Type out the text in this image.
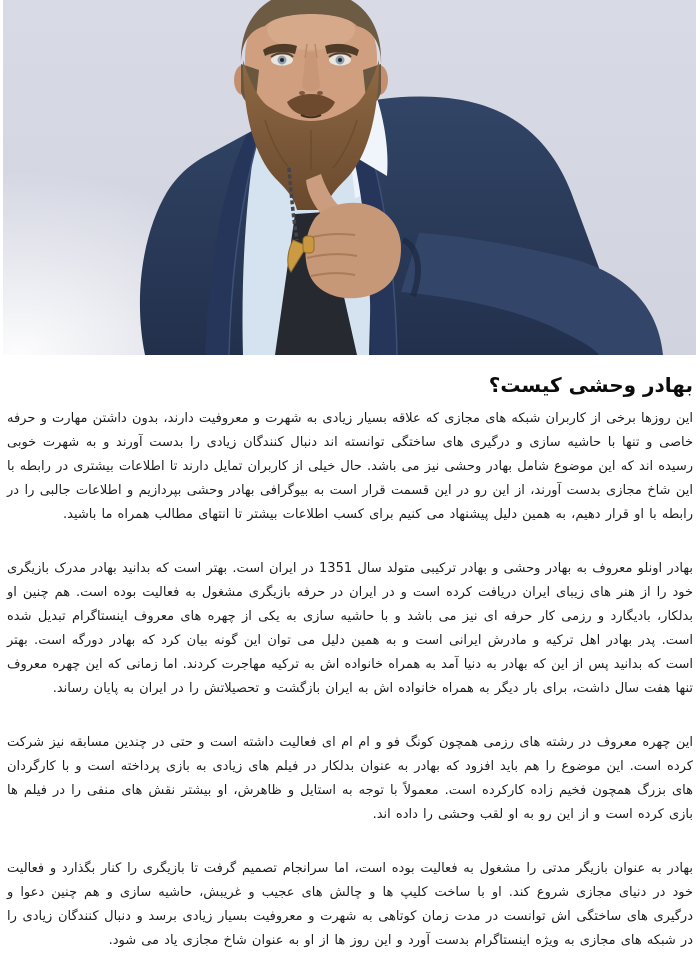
بهادر وحشی کیست؟

این روزها برخی از کاربران شبکه های مجازی که علاقه بسیار زیادی به شهرت و معروفیت دارند، بدون داشتن مهارت و حرفه خاصی و تنها با حاشیه سازی و درگیری های ساختگی توانسته اند دنبال کنندگان زیادی را بدست آورند و به شهرت خوبی رسیده اند که این موضوع شامل بهادر وحشی نیز می باشد. حال خیلی از کاربران تمایل دارند تا اطلاعات بیشتری در رابطه با این شاخ مجازی بدست آورند، از این رو در این قسمت قرار است به بیوگرافی بهادر وحشی بپردازیم و اطلاعات جالبی را در رابطه با او قرار دهیم، به همین دلیل پیشنهاد می کنیم برای کسب اطلاعات بیشتر تا انتهای مطالب همراه ما باشید.

بهادر اونلو معروف به بهادر وحشی و بهادر ترکیبی متولد سال 1351 در ایران است. بهتر است که بدانید بهادر مدرک بازیگری خود را از هنر های زیبای ایران دریافت کرده است و در ایران در حرفه بازیگری مشغول به فعالیت بوده است. هم چنین او بدلکار، بادیگارد و رزمی کار حرفه ای نیز می باشد و با حاشیه سازی به یکی از چهره های معروف اینستاگرام تبدیل شده است. پدر بهادر اهل ترکیه و مادرش ایرانی است و به همین دلیل می توان این گونه بیان کرد که بهادر دورگه است. بهتر است که بدانید پس از این که بهادر به دنیا آمد به همراه خانواده اش به ترکیه مهاجرت کردند. اما زمانی که این چهره معروف تنها هفت سال داشت، برای بار دیگر به همراه خانواده اش به ایران بازگشت و تحصیلاتش را در ایران به پایان رساند.

این چهره معروف در رشته های رزمی همچون کونگ فو و ام ام ای فعالیت داشته است و حتی در چندین مسابقه نیز شرکت کرده است. این موضوع را هم باید افزود که بهادر به عنوان بدلکار در فیلم های زیادی به بازی پرداخته است و با کارگردان های بزرگ همچون فخیم زاده کارکرده است. معمولاً با توجه به استایل و ظاهرش، او بیشتر نقش های منفی را در فیلم ها بازی کرده است و از این رو به او لقب وحشی را داده اند.

بهادر به عنوان بازیگر مدتی را مشغول به فعالیت بوده است، اما سرانجام تصمیم گرفت تا بازیگری را کنار بگذارد و فعالیت خود در دنیای مجازی شروع کند. او با ساخت کلیپ ها و چالش های عجیب و غریبش، حاشیه سازی و هم چنین دعوا و درگیری های ساختگی اش توانست در مدت زمان کوتاهی به شهرت و معروفیت بسیار زیادی برسد و دنبال کنندگان زیادی را در شبکه های مجازی به ویژه اینستاگرام بدست آورد و این روز ها از او به عنوان شاخ مجازی یاد می شود.
